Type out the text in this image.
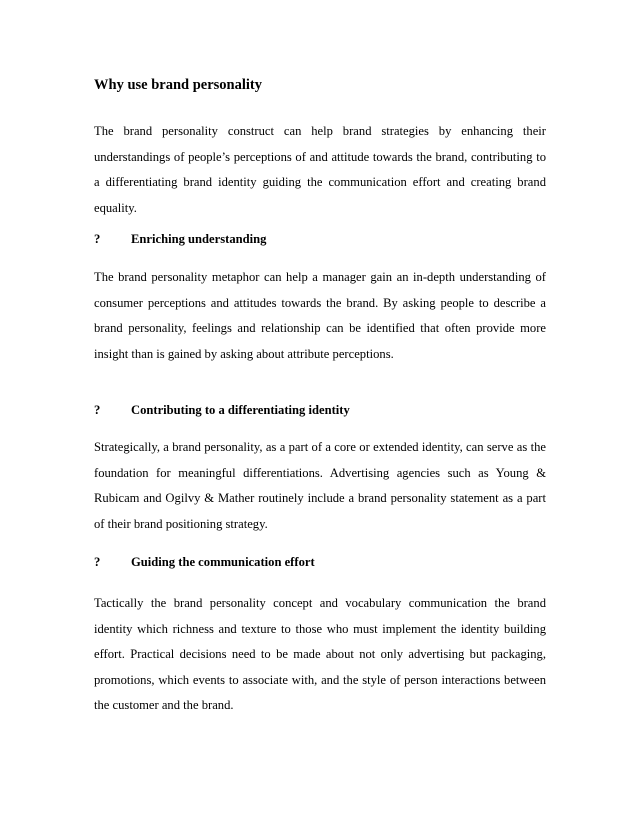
Why use brand personality

The brand personality construct can help brand strategies by enhancing their understandings of people’s perceptions of and attitude towards the brand, contributing to a differentiating brand identity guiding the communication effort and creating brand equality.

? Enriching understanding

The brand personality metaphor can help a manager gain an in-depth understanding of consumer perceptions and attitudes towards the brand. By asking people to describe a brand personality, feelings and relationship can be identified that often provide more insight than is gained by asking about attribute perceptions.

? Contributing to a differentiating identity

Strategically, a brand personality, as a part of a core or extended identity, can serve as the foundation for meaningful differentiations. Advertising agencies such as Young & Rubicam and Ogilvy & Mather routinely include a brand personality statement as a part of their brand positioning strategy.

? Guiding the communication effort

Tactically the brand personality concept and vocabulary communication the brand identity which richness and texture to those who must implement the identity building effort. Practical decisions need to be made about not only advertising but packaging, promotions, which events to associate with, and the style of person interactions between the customer and the brand.
